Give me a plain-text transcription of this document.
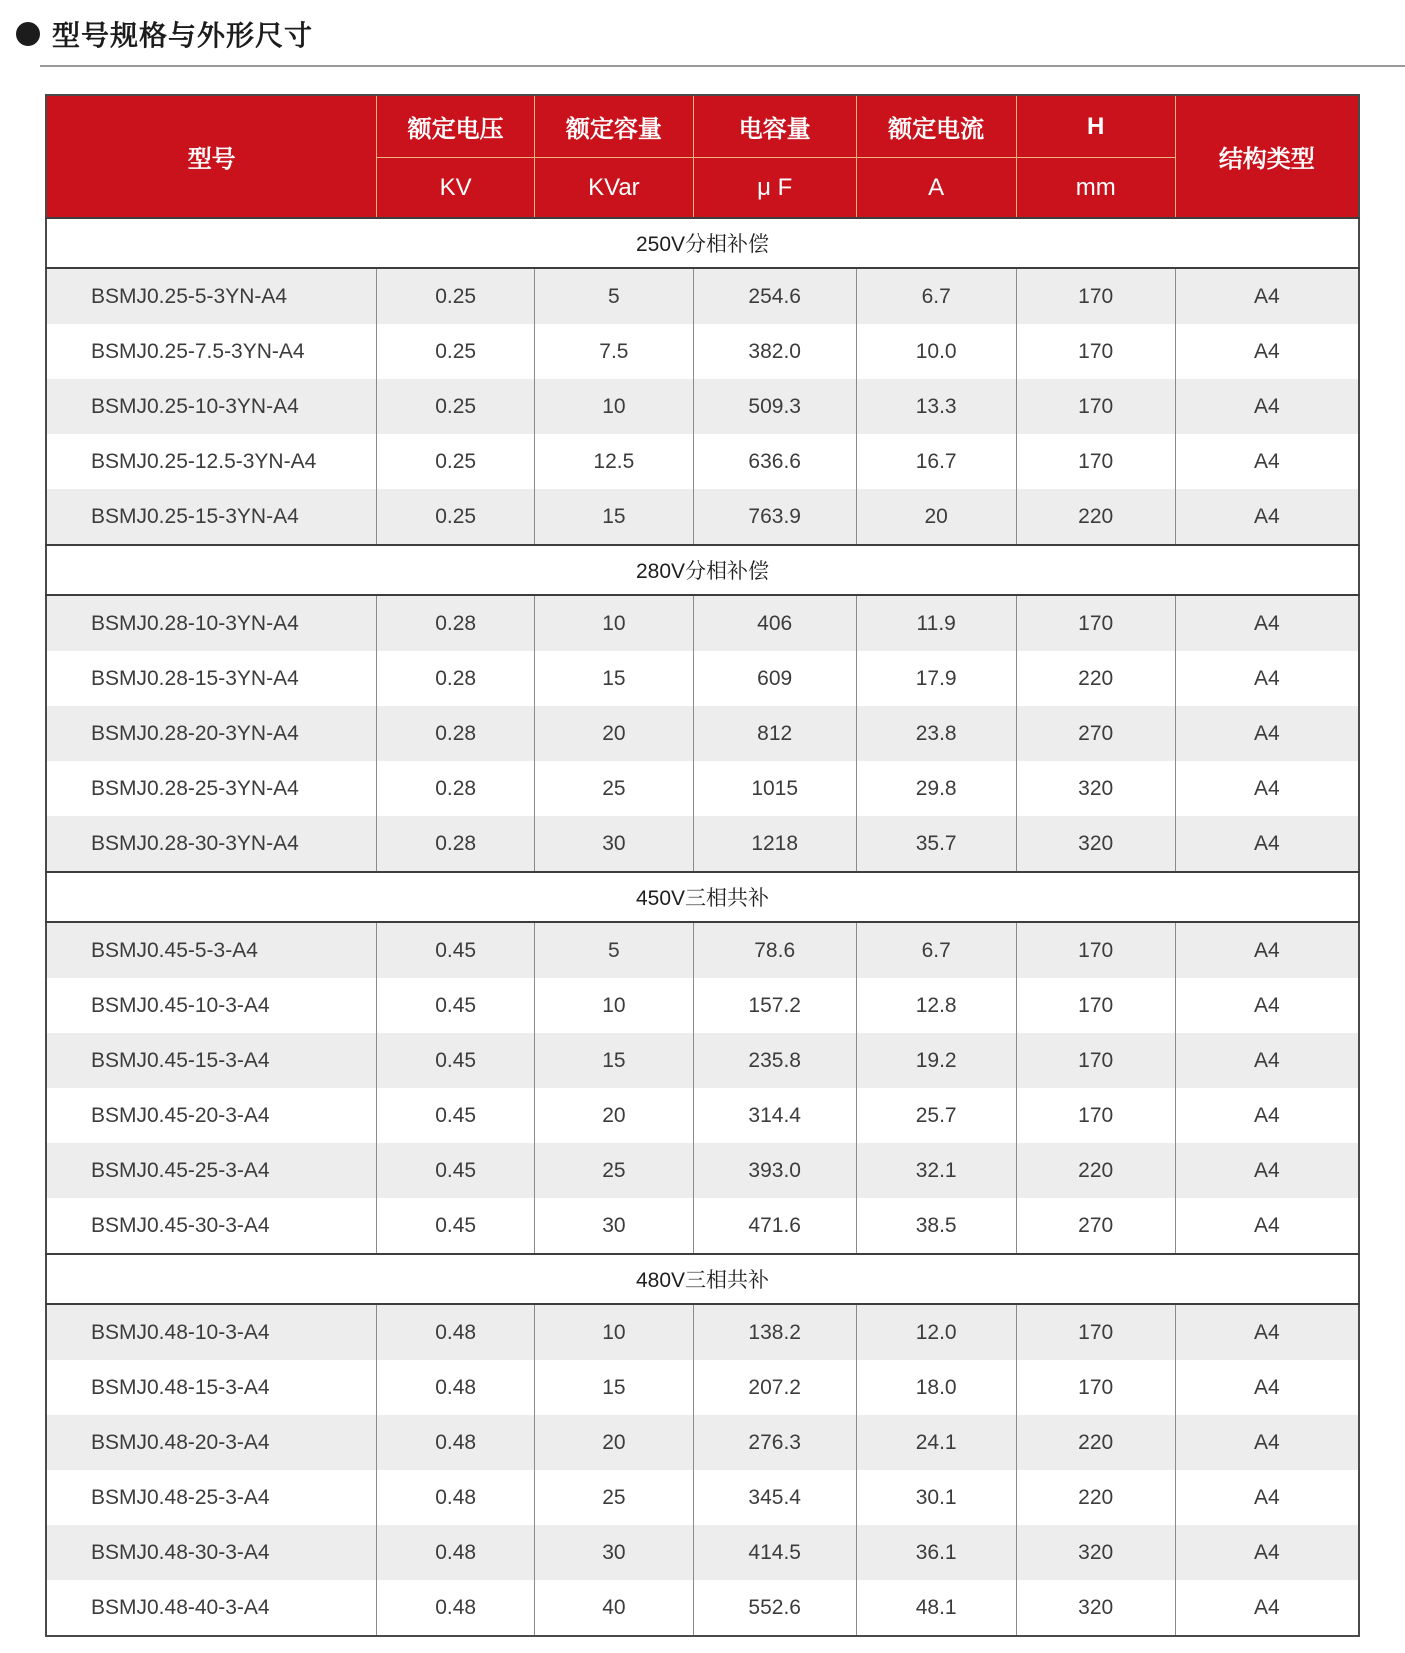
型号规格与外形尺寸
型号	额定电压	额定容量	电容量	额定电流	H	结构类型
	KV	KVar	μ F	A	mm	
250V分相补偿						
BSMJ0.25-5-3YN-A4	0.25	5	254.6	6.7	170	A4
BSMJ0.25-7.5-3YN-A4	0.25	7.5	382.0	10.0	170	A4
BSMJ0.25-10-3YN-A4	0.25	10	509.3	13.3	170	A4
BSMJ0.25-12.5-3YN-A4	0.25	12.5	636.6	16.7	170	A4
BSMJ0.25-15-3YN-A4	0.25	15	763.9	20	220	A4
280V分相补偿						
BSMJ0.28-10-3YN-A4	0.28	10	406	11.9	170	A4
BSMJ0.28-15-3YN-A4	0.28	15	609	17.9	220	A4
BSMJ0.28-20-3YN-A4	0.28	20	812	23.8	270	A4
BSMJ0.28-25-3YN-A4	0.28	25	1015	29.8	320	A4
BSMJ0.28-30-3YN-A4	0.28	30	1218	35.7	320	A4
450V三相共补						
BSMJ0.45-5-3-A4	0.45	5	78.6	6.7	170	A4
BSMJ0.45-10-3-A4	0.45	10	157.2	12.8	170	A4
BSMJ0.45-15-3-A4	0.45	15	235.8	19.2	170	A4
BSMJ0.45-20-3-A4	0.45	20	314.4	25.7	170	A4
BSMJ0.45-25-3-A4	0.45	25	393.0	32.1	220	A4
BSMJ0.45-30-3-A4	0.45	30	471.6	38.5	270	A4
480V三相共补						
BSMJ0.48-10-3-A4	0.48	10	138.2	12.0	170	A4
BSMJ0.48-15-3-A4	0.48	15	207.2	18.0	170	A4
BSMJ0.48-20-3-A4	0.48	20	276.3	24.1	220	A4
BSMJ0.48-25-3-A4	0.48	25	345.4	30.1	220	A4
BSMJ0.48-30-3-A4	0.48	30	414.5	36.1	320	A4
BSMJ0.48-40-3-A4	0.48	40	552.6	48.1	320	A4
